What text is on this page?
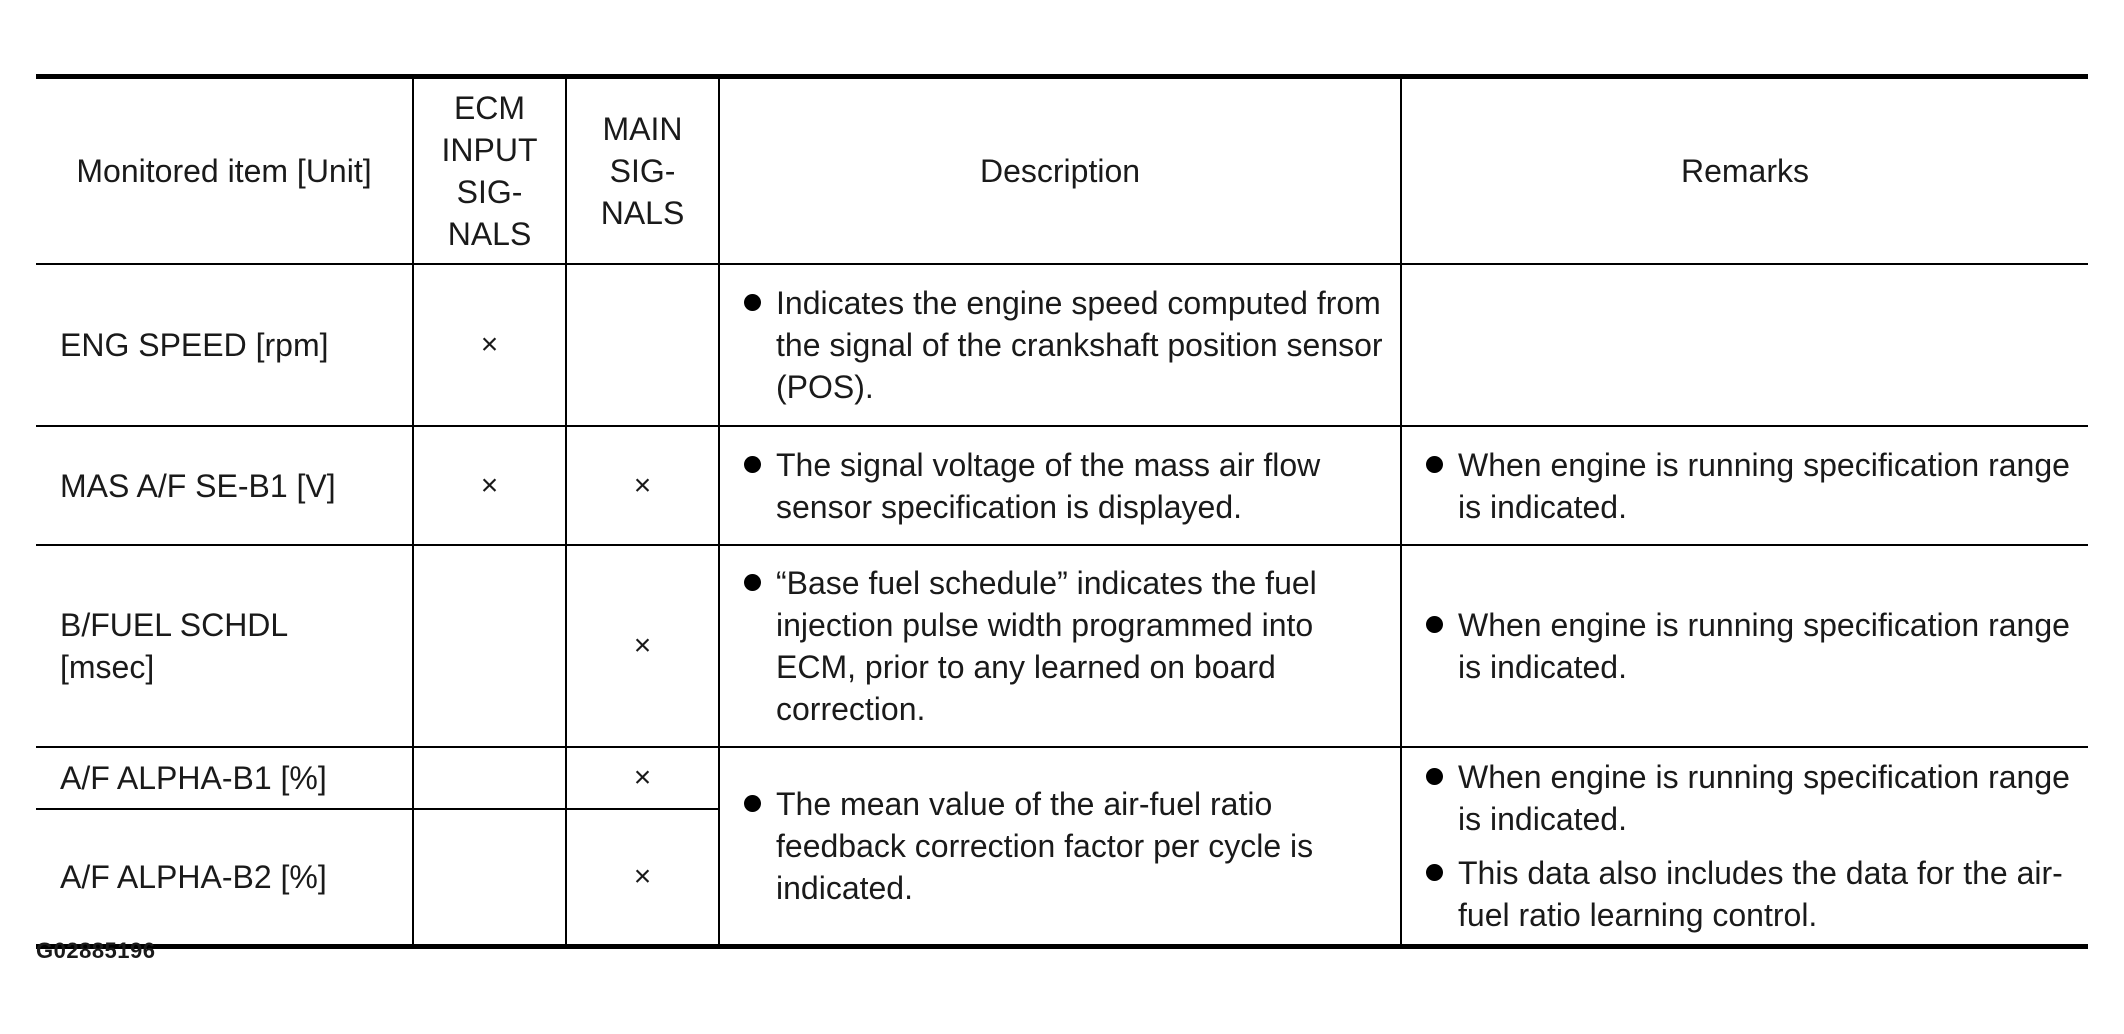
Monitored item [Unit]	ECM
INPUT
SIG-
NALS	MAIN
SIG-
NALS	Description	Remarks
ENG SPEED [rpm]	×		Indicates the engine speed computed from the signal of the crankshaft position sensor (POS).	

MAS A/F SE-B1 [V]	×	×	The signal voltage of the mass air flow sensor specification is displayed.	When engine is running specification range is indicated.

B/FUEL SCHDL [msec]		×	“Base fuel schedule” indicates the fuel injection pulse width programmed into ECM, prior to any learned on board correction.	When engine is running specification range is indicated.

A/F ALPHA-B1 [%]		×	The mean value of the air-fuel ratio feedback correction factor per cycle is indicated.	When engine is running specification range is indicated.
This data also includes the data for the air-fuel ratio learning control.

A/F ALPHA-B2 [%]		×		
G02885196
